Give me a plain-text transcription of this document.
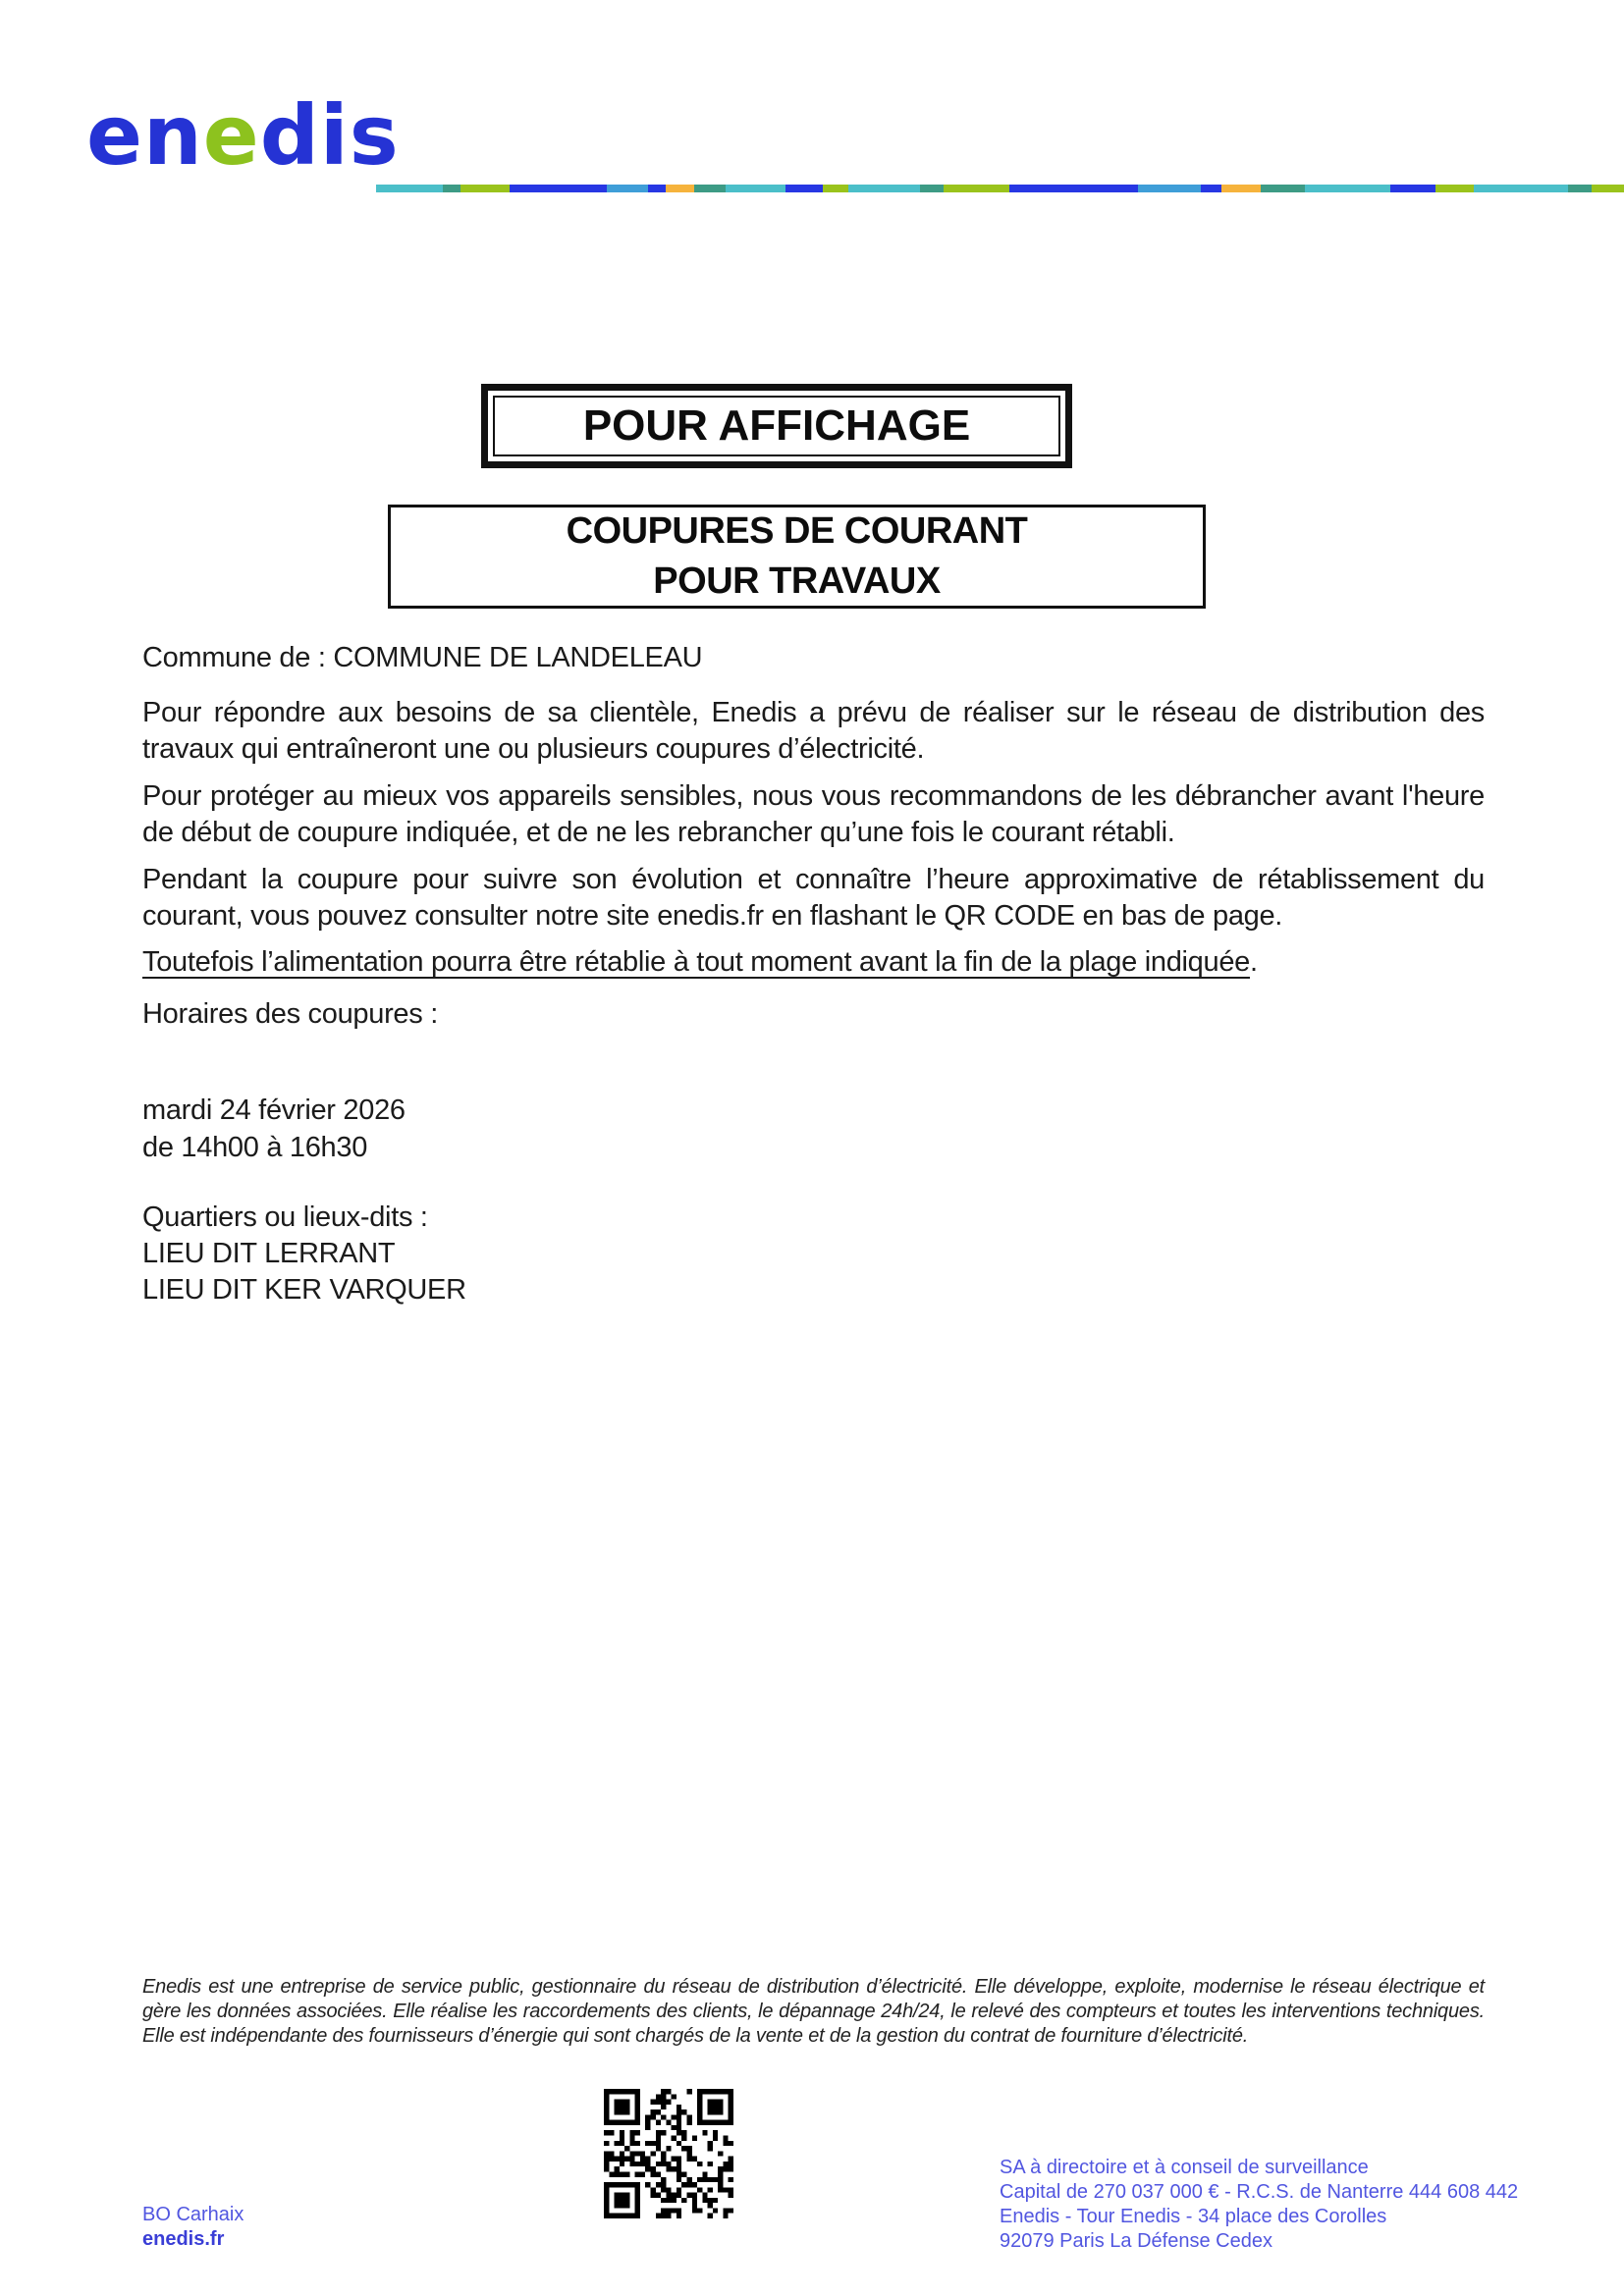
enedis
POUR AFFICHAGE
COUPURES DE COURANT
POUR TRAVAUX
Commune de : COMMUNE DE LANDELEAU
Pour répondre aux besoins de sa clientèle, Enedis a prévu de réaliser sur le réseau de distribution des travaux qui entraîneront une ou plusieurs coupures d’électricité.
Pour protéger au mieux vos appareils sensibles, nous vous recommandons de les débrancher avant l'heure de début de coupure indiquée, et de ne les rebrancher qu’une fois le courant rétabli.
Pendant la coupure pour suivre son évolution et connaître l’heure approximative de rétablissement du courant, vous pouvez consulter notre site enedis.fr en flashant le QR CODE en bas de page.
Toutefois l’alimentation pourra être rétablie à tout moment avant la fin de la plage indiquée.
Horaires des coupures :
mardi 24 février 2026
de 14h00 à 16h30
Quartiers ou lieux-dits :
LIEU DIT LERRANT
LIEU DIT KER VARQUER
Enedis est une entreprise de service public, gestionnaire du réseau de distribution d’électricité. Elle développe, exploite, modernise le réseau électrique et gère les données associées. Elle réalise les raccordements des clients, le dépannage 24h/24, le relevé des compteurs et toutes les interventions techniques. Elle est indépendante des fournisseurs d’énergie qui sont chargés de la vente et de la gestion du contrat de fourniture d’électricité.
BO Carhaix
enedis.fr
SA à directoire et à conseil de surveillance
Capital de 270 037 000 € - R.C.S. de Nanterre 444 608 442
Enedis - Tour Enedis - 34 place des Corolles
92079 Paris La Défense Cedex
